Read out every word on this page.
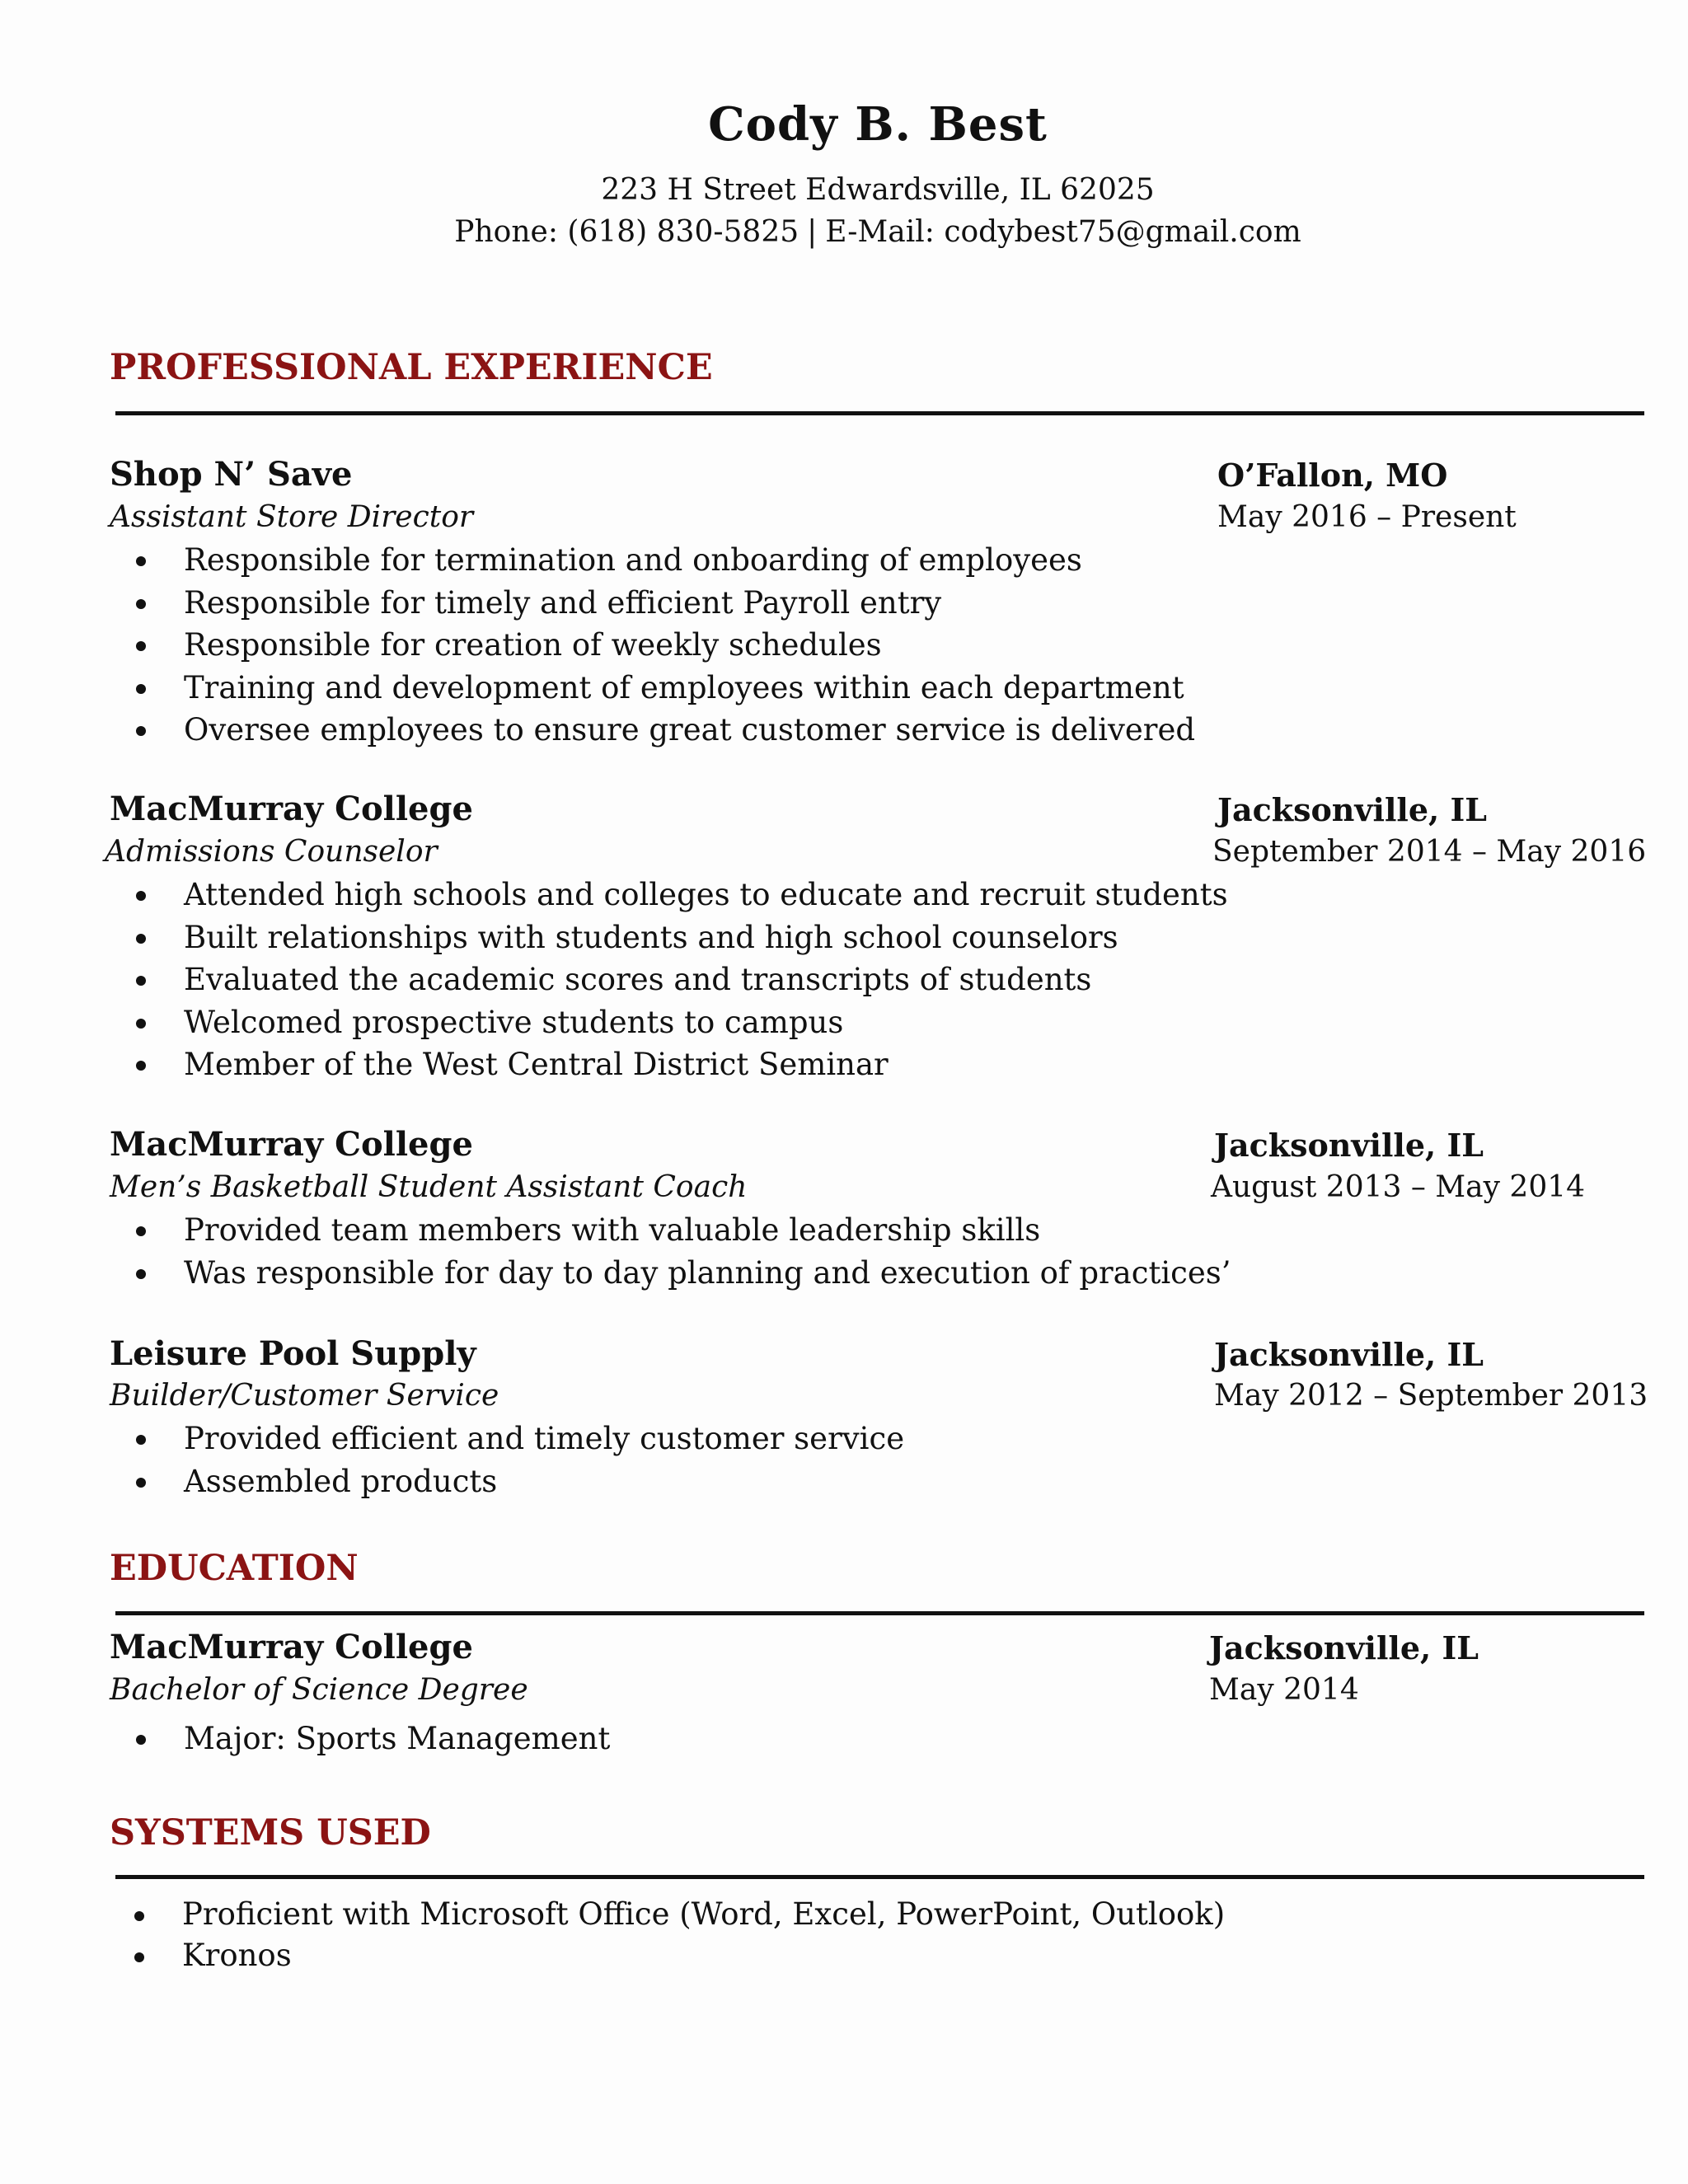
Cody B. Best

223 H Street Edwardsville, IL 62025

Phone: (618) 830-5825 | E-Mail: codybest75@gmail.com

PROFESSIONAL EXPERIENCE

Shop N’ Save	O’Fallon, MO

Assistant Store Director	May 2016 – Present

Responsible for termination and onboarding of employees
Responsible for timely and efficient Payroll entry
Responsible for creation of weekly schedules
Training and development of employees within each department
Oversee employees to ensure great customer service is delivered

MacMurray College	Jacksonville, IL

Admissions Counselor	September 2014 – May 2016

Attended high schools and colleges to educate and recruit students
Built relationships with students and high school counselors
Evaluated the academic scores and transcripts of students
Welcomed prospective students to campus
Member of the West Central District Seminar

MacMurray College	Jacksonville, IL

Men’s Basketball Student Assistant Coach	August 2013 – May 2014

Provided team members with valuable leadership skills
Was responsible for day to day planning and execution of practices’

Leisure Pool Supply	Jacksonville, IL

Builder/Customer Service	May 2012 – September 2013

Provided efficient and timely customer service
Assembled products
EDUCATION

MacMurray College	Jacksonville, IL

Bachelor of Science Degree	May 2014

Major: Sports Management
SYSTEMS USED
Proficient with Microsoft Office (Word, Excel, PowerPoint, Outlook)
Kronos
